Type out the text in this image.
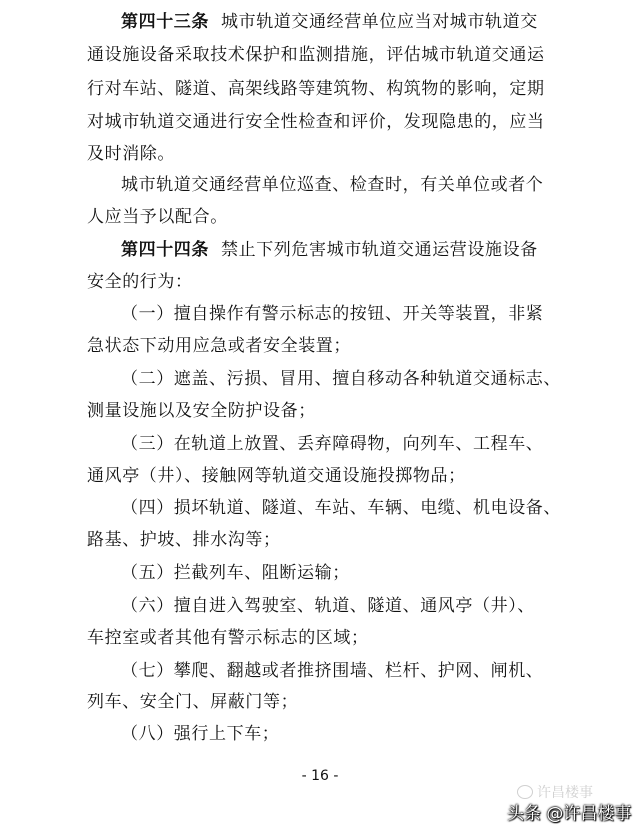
第四十三条 城市轨道交通经营单位应当对城市轨道交
通设施设备采取技术保护和监测措施，评估城市轨道交通运
行对车站、隧道、高架线路等建筑物、构筑物的影响，定期
对城市轨道交通进行安全性检查和评价，发现隐患的，应当
及时消除。
城市轨道交通经营单位巡查、检查时，有关单位或者个
人应当予以配合。
第四十四条 禁止下列危害城市轨道交通运营设施设备
安全的行为：
（一）擅自操作有警示标志的按钮、开关等装置，非紧
急状态下动用应急或者安全装置；
（二）遮盖、污损、冒用、擅自移动各种轨道交通标志、
测量设施以及安全防护设备；
（三）在轨道上放置、丢弃障碍物，向列车、工程车、
通风亭（井）、接触网等轨道交通设施投掷物品；
（四）损坏轨道、隧道、车站、车辆、电缆、机电设备、
路基、护坡、排水沟等；
（五）拦截列车、阻断运输；
（六）擅自进入驾驶室、轨道、隧道、通风亭（井）、
车控室或者其他有警示标志的区域；
（七）攀爬、翻越或者推挤围墙、栏杆、护网、闸机、
列车、安全门、屏蔽门等；
（八）强行上下车；
- 16 -
许昌楼事
头条 @许昌楼事
